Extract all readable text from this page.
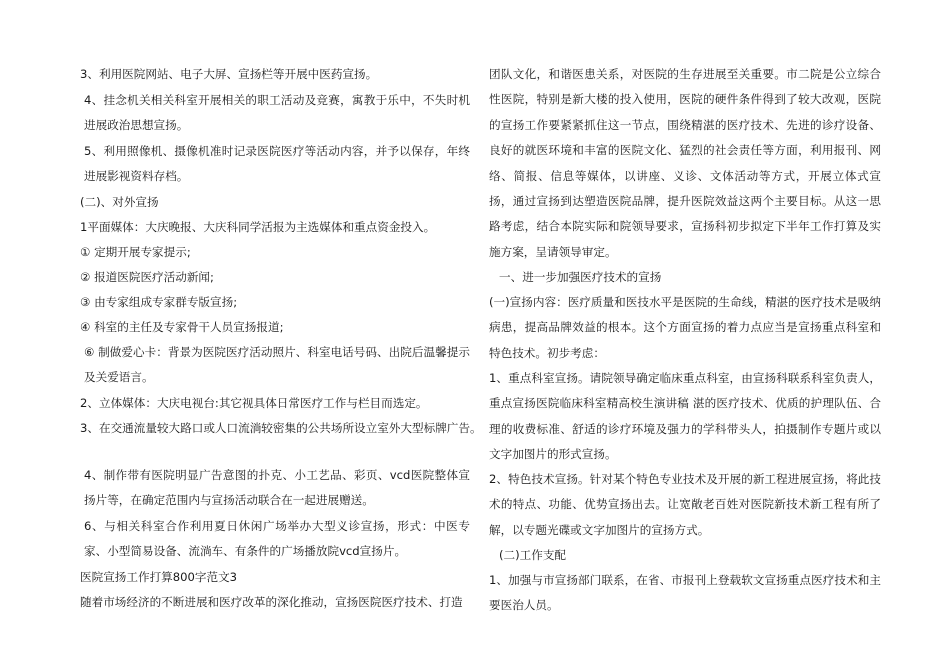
3、利用医院网站、电子大屏、宣扬栏等开展中医药宣扬。

4、挂念机关相关科室开展相关的职工活动及竞赛，寓教于乐中，不失时机进展政治思想宣扬。

5、利用照像机、摄像机准时记录医院医疗等活动内容，并予以保存，年终进展影视资料存档。

(二)、对外宣扬

1平面媒体：大庆晚报、大庆科同学活报为主选媒体和重点资金投入。

① 定期开展专家提示;

② 报道医院医疗活动新闻;

③ 由专家组成专家群专版宣扬;

④ 科室的主任及专家骨干人员宣扬报道;

⑥ 制做爱心卡：背景为医院医疗活动照片、科室电话号码、出院后温馨提示及关爱语言。

2、立体媒体：大庆电视台:其它视具体日常医疗工作与栏目而选定。

3、在交通流量较大路口或人口流淌较密集的公共场所设立室外大型标牌广告。

4、制作带有医院明显广告意图的扑克、小工艺品、彩页、vcd医院整体宣扬片等，在确定范围内与宣扬活动联合在一起进展赠送。

6、与相关科室合作利用夏日休闲广场举办大型义诊宣扬，形式：中医专家、小型简易设备、流淌车、有条件的广场播放院vcd宣扬片。

医院宣扬工作打算800字范文3

随着市场经济的不断进展和医疗改革的深化推动，宣扬医院医疗技术、打造

团队文化，和谐医患关系，对医院的生存进展至关重要。市二院是公立综合性医院，特别是新大楼的投入使用，医院的硬件条件得到了较大改观，医院的宣扬工作要紧紧抓住这一节点，围绕精湛的医疗技术、先进的诊疗设备、良好的就医环境和丰富的医院文化、猛烈的社会责任等方面，利用报刊、网络、简报、信息等媒体，以讲座、义诊、文体活动等方式，开展立体式宣扬，通过宣扬到达塑造医院品牌，提升医院效益这两个主要目标。从这一思路考虑，结合本院实际和院领导要求，宣扬科初步拟定下半年工作打算及实施方案，呈请领导审定。

一、进一步加强医疗技术的宣扬

(一)宣扬内容：医疗质量和医技水平是医院的生命线，精湛的医疗技术是吸纳病患，提高品牌效益的根本。这个方面宣扬的着力点应当是宣扬重点科室和特色技术。初步考虑：

1、重点科室宣扬。请院领导确定临床重点科室，由宣扬科联系科室负责人，重点宣扬医院临床科室精高校生演讲稿 湛的医疗技术、优质的护理队伍、合理的收费标准、舒适的诊疗环境及强力的学科带头人，拍摄制作专题片或以文字加图片的形式宣扬。

2、特色技术宣扬。针对某个特色专业技术及开展的新工程进展宣扬，将此技术的特点、功能、优势宣扬出去。让宽敞老百姓对医院新技术新工程有所了解，以专题光碟或文字加图片的宣扬方式。

(二)工作支配

1、加强与市宣扬部门联系，在省、市报刊上登载软文宣扬重点医疗技术和主要医治人员。
